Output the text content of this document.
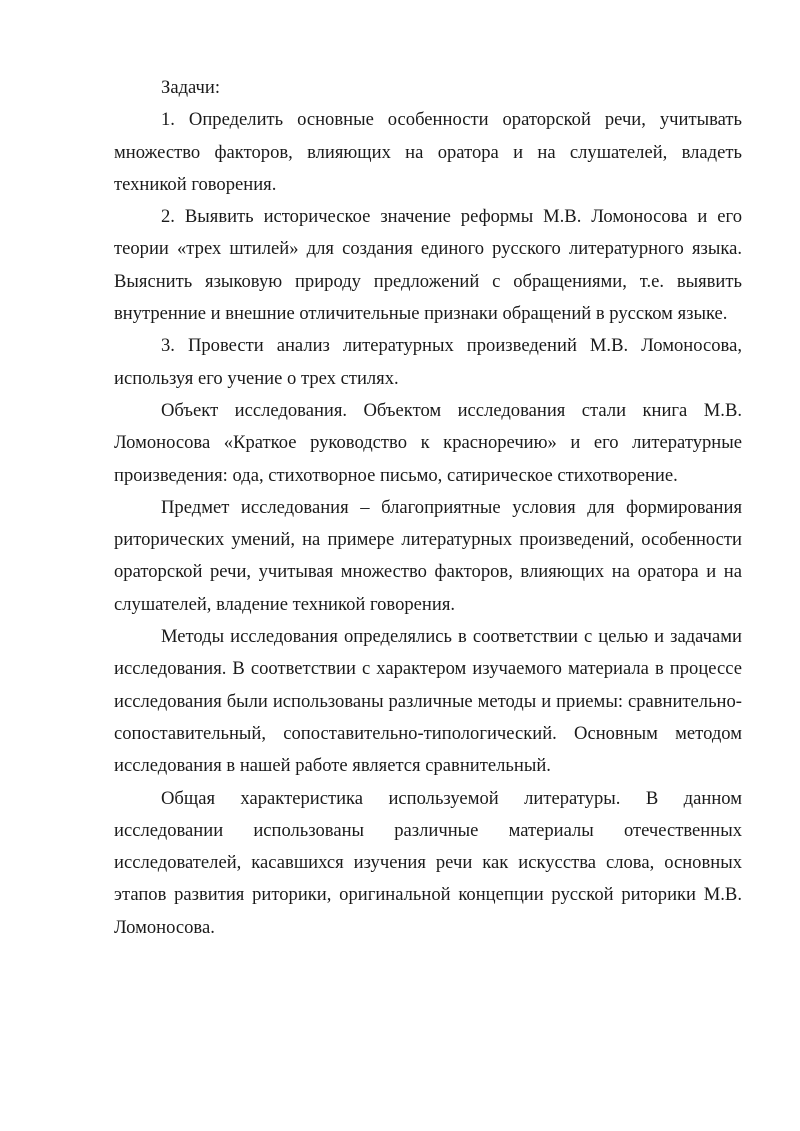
Задачи:

1. Определить основные особенности ораторской речи, учитывать множество факторов, влияющих на оратора и на слушателей, владеть техникой говорения.

2. Выявить историческое значение реформы М.В. Ломоносова и его теории «трех штилей» для создания единого русского литературного языка. Выяснить языковую природу предложений с обращениями, т.е. выявить внутренние и внешние отличительные признаки обращений в русском языке.

3. Провести анализ литературных произведений М.В. Ломоносова, используя его учение о трех стилях.

Объект исследования. Объектом исследования стали книга М.В. Ломоносова «Краткое руководство к красноречию» и его литературные произведения: ода, стихотворное письмо, сатирическое стихотворение.

Предмет исследования – благоприятные условия для формирования риторических умений, на примере литературных произведений, особенности ораторской речи, учитывая множество факторов, влияющих на оратора и на слушателей, владение техникой говорения.

Методы исследования определялись в соответствии с целью и задачами исследования. В соответствии с характером изучаемого материала в процессе исследования были использованы различные методы и приемы: сравнительно-сопоставительный, сопоставительно-типологический. Основным методом исследования в нашей работе является сравнительный.

Общая характеристика используемой литературы. В данном исследовании использованы различные материалы отечественных исследователей, касавшихся изучения речи как искусства слова, основных этапов развития риторики, оригинальной концепции русской риторики М.В. Ломоносова.
